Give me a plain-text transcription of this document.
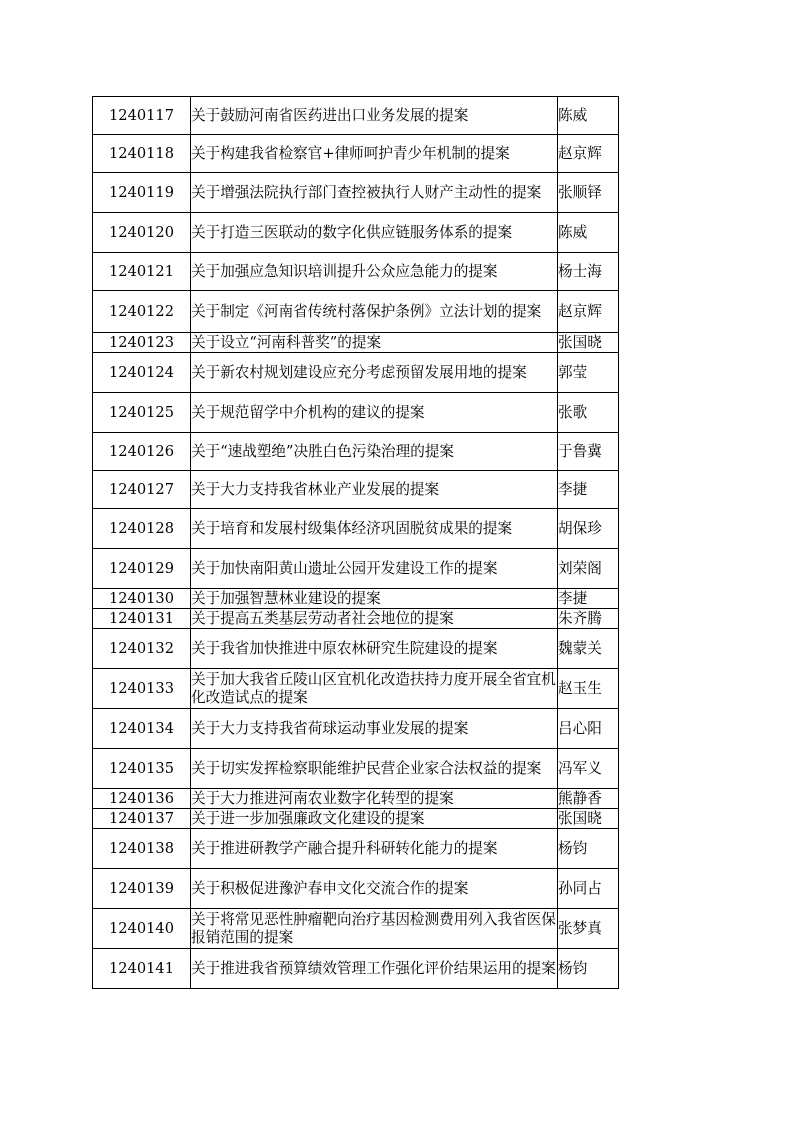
1240117	关于鼓励河南省医药进出口业务发展的提案	陈威
1240118	关于构建我省检察官+律师呵护青少年机制的提案	赵京辉
1240119	关于增强法院执行部门查控被执行人财产主动性的提案	张顺铎
1240120	关于打造三医联动的数字化供应链服务体系的提案	陈威
1240121	关于加强应急知识培训提升公众应急能力的提案	杨士海
1240122	关于制定《河南省传统村落保护条例》立法计划的提案	赵京辉
1240123	关于设立“河南科普奖”的提案	张国晓
1240124	关于新农村规划建设应充分考虑预留发展用地的提案	郭莹
1240125	关于规范留学中介机构的建议的提案	张歌
1240126	关于“速战塑绝”决胜白色污染治理的提案	于鲁冀
1240127	关于大力支持我省林业产业发展的提案	李捷
1240128	关于培育和发展村级集体经济巩固脱贫成果的提案	胡保珍
1240129	关于加快南阳黄山遗址公园开发建设工作的提案	刘荣阁
1240130	关于加强智慧林业建设的提案	李捷
1240131	关于提高五类基层劳动者社会地位的提案	朱齐腾
1240132	关于我省加快推进中原农林研究生院建设的提案	魏蒙关
1240133	关于加大我省丘陵山区宜机化改造扶持力度开展全省宜机化改造试点的提案	赵玉生
1240134	关于大力支持我省荷球运动事业发展的提案	吕心阳
1240135	关于切实发挥检察职能维护民营企业家合法权益的提案	冯军义
1240136	关于大力推进河南农业数字化转型的提案	熊静香
1240137	关于进一步加强廉政文化建设的提案	张国晓
1240138	关于推进研教学产融合提升科研转化能力的提案	杨钧
1240139	关于积极促进豫沪春申文化交流合作的提案	孙同占
1240140	关于将常见恶性肿瘤靶向治疗基因检测费用列入我省医保报销范围的提案	张梦真
1240141	关于推进我省预算绩效管理工作强化评价结果运用的提案	杨钧
